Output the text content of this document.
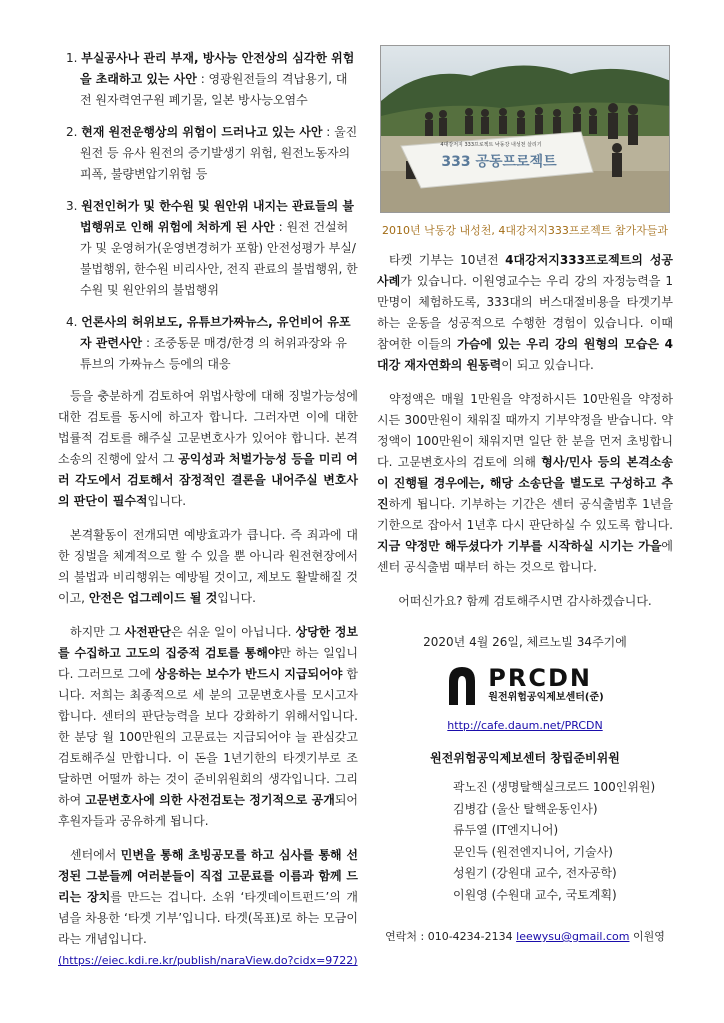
1. 부실공사나 관리 부재, 방사능 안전상의 심각한 위험을 초래하고 있는 사안 : 영광원전들의 격납용기, 대전 원자력연구원 폐기물, 일본 방사능오염수
2. 현재 원전운행상의 위험이 드러나고 있는 사안 : 울진원전 등 유사 원전의 증기발생기 위험, 원전노동자의 피폭, 불량변압기위험 등
3. 원전인허가 및 한수원 및 원안위 내지는 관료들의 불법행위로 인해 위험에 처하게 된 사안 : 원전 건설허가 및 운영허가(운영변경허가 포함) 안전성평가 부실/불법행위, 한수원 비리사안, 전직 관료의 불법행위, 한수원 및 원안위의 불법행위
4. 언론사의 허위보도, 유튜브가짜뉴스, 유언비어 유포자 관련사안 : 조중동문 매경/한경 의 허위과장와 유튜브의 가짜뉴스 등에의 대응

등을 충분하게 검토하여 위법사항에 대해 징벌가능성에 대한 검토를 동시에 하고자 합니다. 그러자면 이에 대한 법률적 검토를 해주실 고문변호사가 있어야 합니다. 본격소송의 진행에 앞서 그 공익성과 처벌가능성 등을 미리 여러 각도에서 검토해서 잠정적인 결론을 내어주실 변호사의 판단이 필수적입니다.

본격활동이 전개되면 예방효과가 큽니다. 즉 죄과에 대한 징벌을 체계적으로 할 수 있을 뿐 아니라 원전현장에서의 불법과 비리행위는 예방될 것이고, 제보도 활발해질 것이고, 안전은 업그레이드 될 것입니다.

하지만 그 사전판단은 쉬운 일이 아닙니다. 상당한 정보를 수집하고 고도의 집중적 검토를 통해야만 하는 일입니다. 그러므로 그에 상응하는 보수가 반드시 지급되어야 합니다. 저희는 최종적으로 세 분의 고문변호사를 모시고자 합니다. 센터의 판단능력을 보다 강화하기 위해서입니다. 한 분당 월 100만원의 고문료는 지급되어야 늘 관심갖고 검토해주실 만합니다. 이 돈을 1년기한의 타겟기부로 조달하면 어떨까 하는 것이 준비위원회의 생각입니다. 그리하여 고문변호사에 의한 사전검토는 정기적으로 공개되어 후원자들과 공유하게 됩니다.

센터에서 민변을 통해 초빙공모를 하고 심사를 통해 선정된 그분들께 여러분들이 직접 고문료를 이름과 함께 드리는 장치를 만드는 겁니다. 소위 ‘타겟데이트펀드’의 개념을 차용한 ‘타겟 기부’입니다. 타겟(목표)로 하는 모금이라는 개념입니다.
(https://eiec.kdi.re.kr/publish/naraView.do?cidx=9722)

4대강저지 333프로젝트 낙동강 내성천 살리기
333 공동프로젝트
2010년 낙동강 내성천, 4대강저지333프로젝트 참가자들과

타켓 기부는 10년전 4대강저지333프로젝트의 성공사례가 있습니다. 이원영교수는 우리 강의 자정능력을 1만명이 체험하도록, 333대의 버스대절비용을 타겟기부하는 운동을 성공적으로 수행한 경험이 있습니다. 이때 참여한 이들의 가슴에 있는 우리 강의 원형의 모습은 4대강 재자연화의 원동력이 되고 있습니다.

약정액은 매월 1만원을 약정하시든 10만원을 약정하시든 300만원이 채워질 때까지 기부약정을 받습니다. 약정액이 100만원이 채워지면 일단 한 분을 먼저 초빙합니다. 고문변호사의 검토에 의해 형사/민사 등의 본격소송이 진행될 경우에는, 해당 소송단을 별도로 구성하고 추진하게 됩니다. 기부하는 기간은 센터 공식출범후 1년을 기한으로 잡아서 1년후 다시 판단하실 수 있도록 합니다. 지금 약정만 해두셨다가 기부를 시작하실 시기는 가을에 센터 공식출범 때부터 하는 것으로 합니다.

어떠신가요? 함께 검토해주시면 감사하겠습니다.

2020년 4월 26일, 체르노빌 34주기에

PRCDN
원전위험공익제보센터(준)

http://cafe.daum.net/PRCDN

원전위험공익제보센터 창립준비위원

곽노진 (생명탈핵실크로드 100인위원)
김병갑 (울산 탈핵운동인사)
류두열 (IT엔지니어)
문인득 (원전엔지니어, 기술사)
성원기 (강원대 교수, 전자공학)
이원영 (수원대 교수, 국토계획)

연락처 : 010-4234-2134 leewysu@gmail.com 이원영
